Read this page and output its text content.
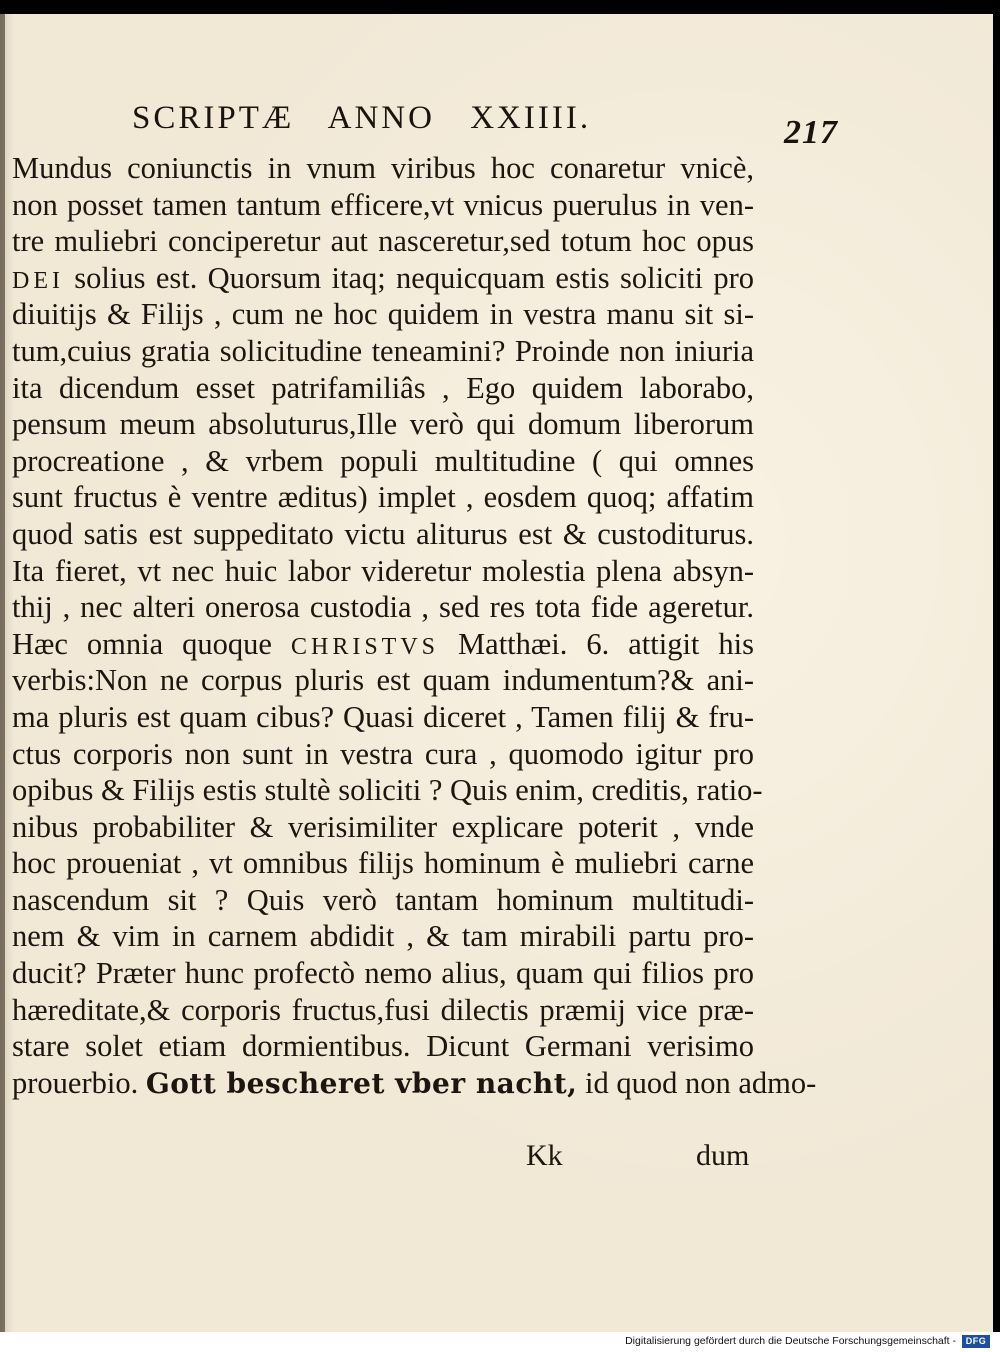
SCRIPTÆ ANNO XXIIII.	217
Mundus coniunctis in vnum viribus hoc conaretur vnicè,
non posset tamen tantum efficere,vt vnicus puerulus in ven-
tre muliebri conciperetur aut nasceretur,sed totum hoc opus
DEI solius est. Quorsum itaq; nequicquam estis soliciti pro
diuitijs & Filijs , cum ne hoc quidem in vestra manu sit si-
tum,cuius gratia solicitudine teneamini? Proinde non iniuria
ita dicendum esset patrifamiliâs , Ego quidem laborabo,
pensum meum absoluturus,Ille verò qui domum liberorum
procreatione , & vrbem populi multitudine ( qui omnes
sunt fructus è ventre æditus) implet , eosdem quoq; affatim
quod satis est suppeditato victu aliturus est & custoditurus.
Ita fieret, vt nec huic labor videretur molestia plena absyn-
thij , nec alteri onerosa custodia , sed res tota fide ageretur.
Hæc omnia quoque CHRISTVS Matthæi. 6. attigit his
verbis:Non ne corpus pluris est quam indumentum?& ani-
ma pluris est quam cibus? Quasi diceret , Tamen filij & fru-
ctus corporis non sunt in vestra cura , quomodo igitur pro
opibus & Filijs estis stultè soliciti ? Quis enim, creditis, ratio-
nibus probabiliter & verisimiliter explicare poterit , vnde
hoc proueniat , vt omnibus filijs hominum è muliebri carne
nascendum sit ? Quis verò tantam hominum multitudi-
nem & vim in carnem abdidit , & tam mirabili partu pro-
ducit? Præter hunc profectò nemo alius, quam qui filios pro
hæreditate,& corporis fructus,fusi dilectis præmij vice præ-
stare solet etiam dormientibus. Dicunt Germani verisimo
prouerbio. Gott bescheret vber nacht, id quod non admo-
Kk	dum
Digitalisierung gefördert durch die Deutsche Forschungsgemeinschaft -	DFG
